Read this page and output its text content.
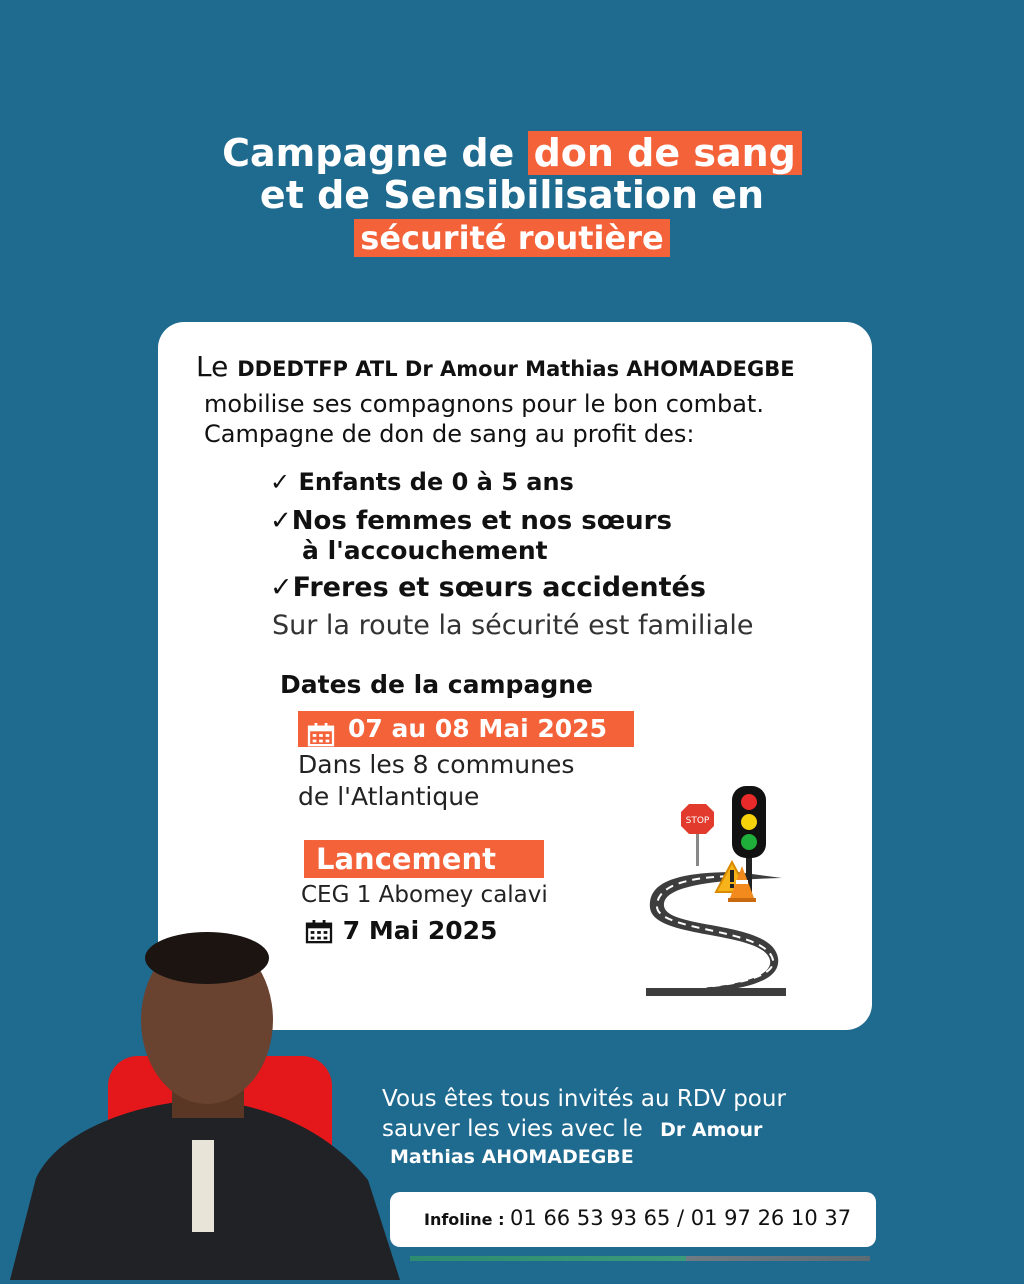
Campagne de don de sang
et de Sensibilisation en
sécurité routière
Le DDEDTFP ATL Dr Amour Mathias AHOMADEGBE
mobilise ses compagnons pour le bon combat.
Campagne de don de sang au profit des:
✓ Enfants de 0 à 5 ans
✓Nos femmes et nos sœurs
à l'accouchement
✓Freres et sœurs accidentés
Sur la route la sécurité est familiale
Dates de la campagne
07 au 08 Mai 2025
Dans les 8 communes
de l'Atlantique
Lancement
CEG 1 Abomey calavi
7 Mai 2025
STOP
Vous êtes tous invités au RDV pour
sauver les vies avec le Dr Amour
Mathias AHOMADEGBE
Infoline : 01 66 53 93 65 / 01 97 26 10 37
